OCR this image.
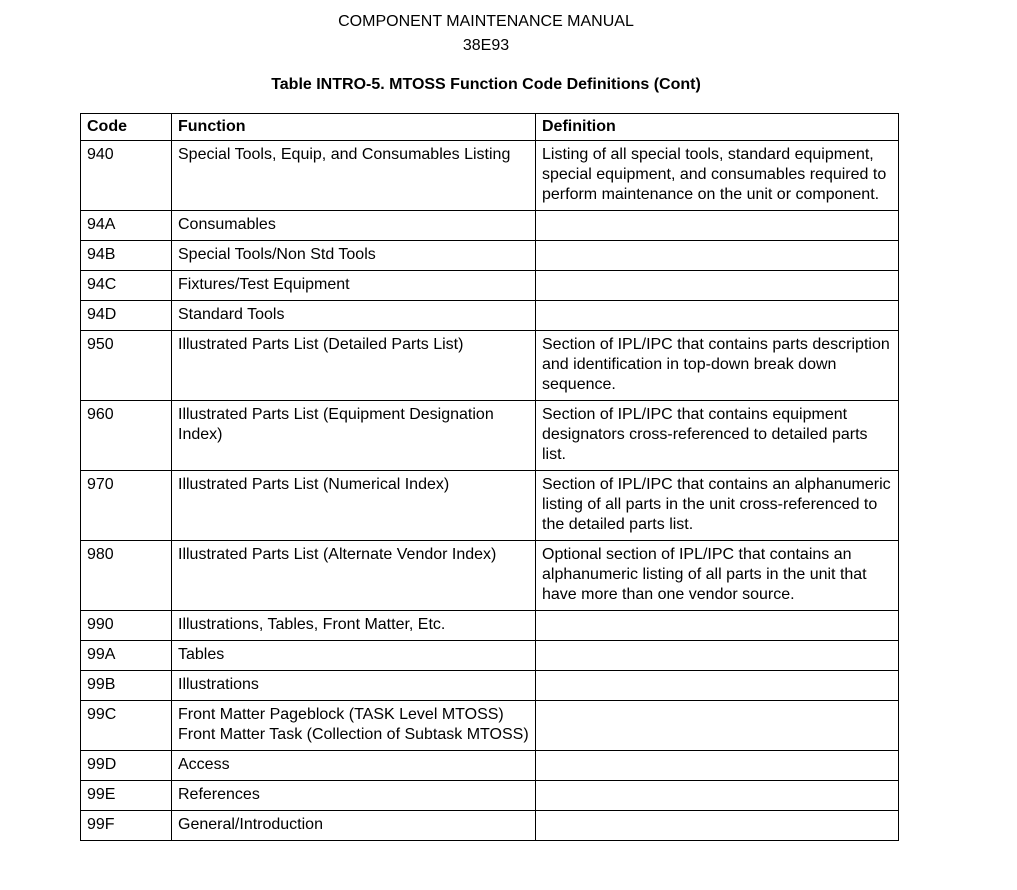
COMPONENT MAINTENANCE MANUAL
38E93
Table INTRO-5. MTOSS Function Code Definitions (Cont)
Code	Function	Definition

940	Special Tools, Equip, and Consumables Listing	Listing of all special tools, standard equipment, special equipment, and consumables required to perform maintenance on the unit or component.

94A	Consumables	

94B	Special Tools/Non Std Tools	

94C	Fixtures/Test Equipment	

94D	Standard Tools	

950	Illustrated Parts List (Detailed Parts List)	Section of IPL/IPC that contains parts description and identification in top-down break down sequence.

960	Illustrated Parts List (Equipment Designation Index)	Section of IPL/IPC that contains equipment designators cross-referenced to detailed parts list.

970	Illustrated Parts List (Numerical Index)	Section of IPL/IPC that contains an alphanumeric listing of all parts in the unit cross-referenced to the detailed parts list.

980	Illustrated Parts List (Alternate Vendor Index)	Optional section of IPL/IPC that contains an alphanumeric listing of all parts in the unit that have more than one vendor source.

990	Illustrations, Tables, Front Matter, Etc.	

99A	Tables	

99B	Illustrations	

99C	Front Matter Pageblock (TASK Level MTOSS)
Front Matter Task (Collection of Subtask MTOSS)	

99D	Access	

99E	References	

99F	General/Introduction	
